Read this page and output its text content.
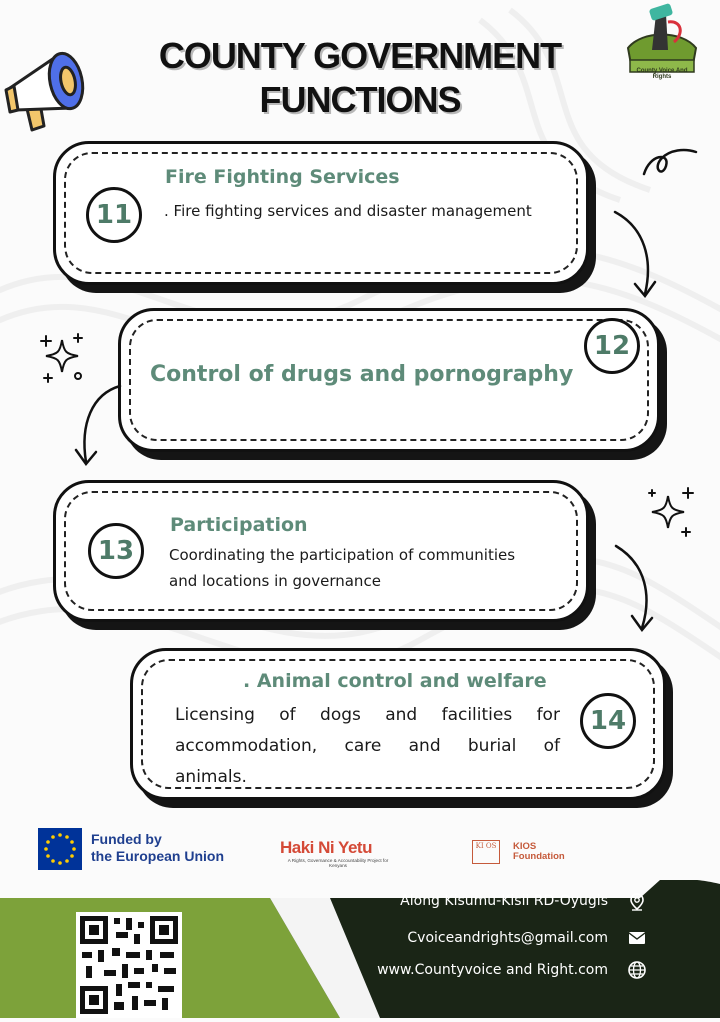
COUNTY GOVERNMENT
FUNCTIONS
County Voice And Rights
11
Fire Fighting Services
. Fire fighting services and disaster management
12
Control of drugs and pornography
13
Participation
Coordinating the participation of communities
and locations in governance
14
. Animal control and welfare
Licensing of dogs and facilities for
accommodation, care and burial of
animals.
Funded by
the European Union	Haki Ni Yetu
A Rights, Governance & Accountability Project for Kenyans
KI OS	KIOS
Foundation
Along Kisumu-Kisii RD-Oyugis
Cvoiceandrights@gmail.com
www.Countyvoice and Right.com
